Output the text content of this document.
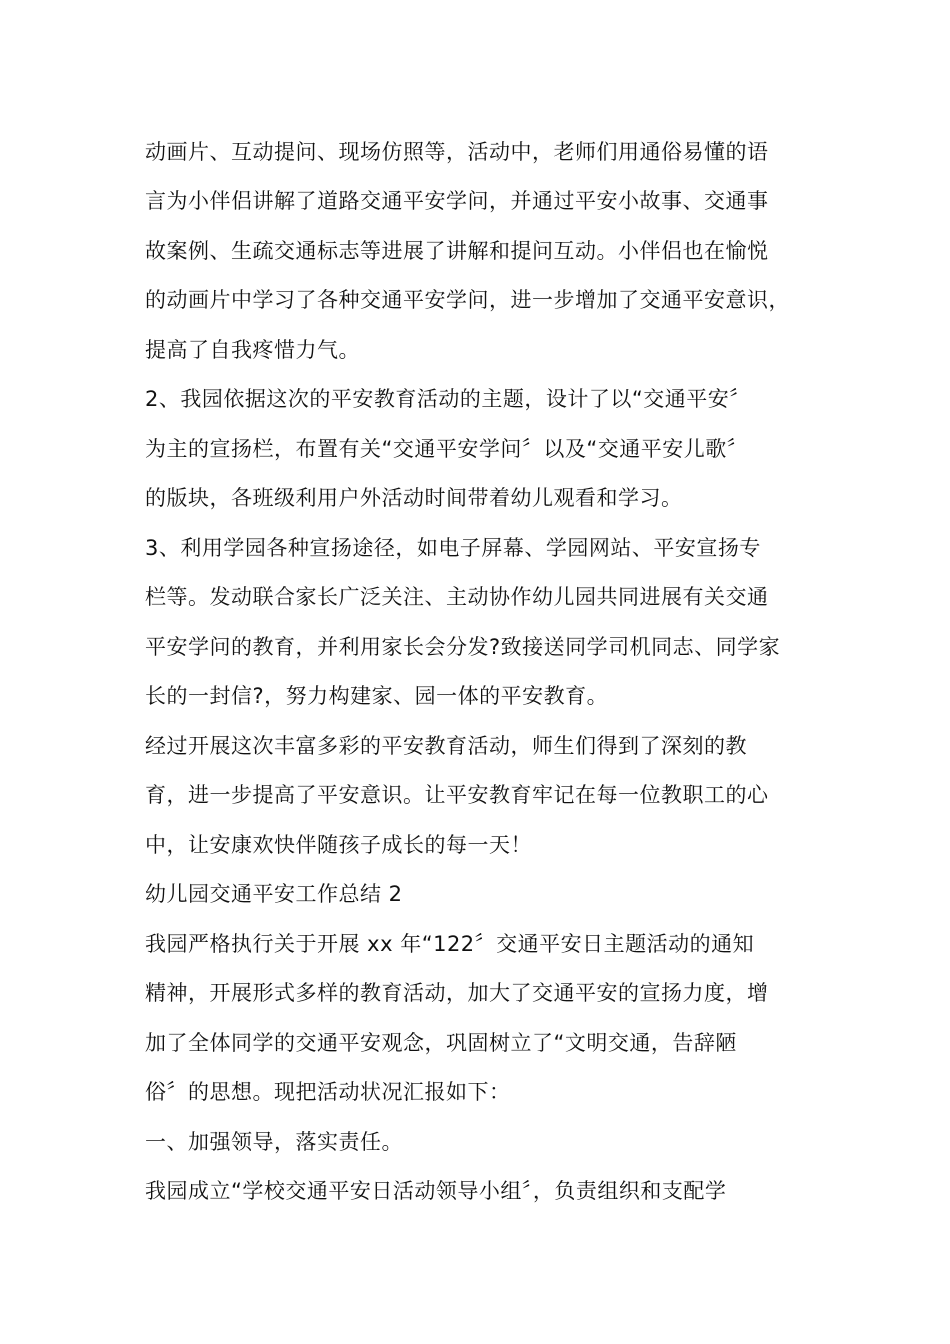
动画片、互动提问、现场仿照等，活动中，老师们用通俗易懂的语
言为小伴侣讲解了道路交通平安学问，并通过平安小故事、交通事
故案例、生疏交通标志等进展了讲解和提问互动。小伴侣也在愉悦
的动画片中学习了各种交通平安学问，进一步增加了交通平安意识，
提高了自我疼惜力气。
2、我园依据这次的平安教育活动的主题，设计了以“交通平安〞
为主的宣扬栏，布置有关“交通平安学问〞以及“交通平安儿歌〞
的版块，各班级利用户外活动时间带着幼儿观看和学习。
3、利用学园各种宣扬途径，如电子屏幕、学园网站、平安宣扬专
栏等。发动联合家长广泛关注、主动协作幼儿园共同进展有关交通
平安学问的教育，并利用家长会分发?致接送同学司机同志、同学家
长的一封信?，努力构建家、园一体的平安教育。
经过开展这次丰富多彩的平安教育活动，师生们得到了深刻的教
育，进一步提高了平安意识。让平安教育牢记在每一位教职工的心
中，让安康欢快伴随孩子成长的每一天！
幼儿园交通平安工作总结 2
我园严格执行关于开展 xx 年“122〞交通平安日主题活动的通知
精神，开展形式多样的教育活动，加大了交通平安的宣扬力度，增
加了全体同学的交通平安观念，巩固树立了“文明交通，告辞陋
俗〞的思想。现把活动状况汇报如下：
一、加强领导，落实责任。
我园成立“学校交通平安日活动领导小组〞，负责组织和支配学
